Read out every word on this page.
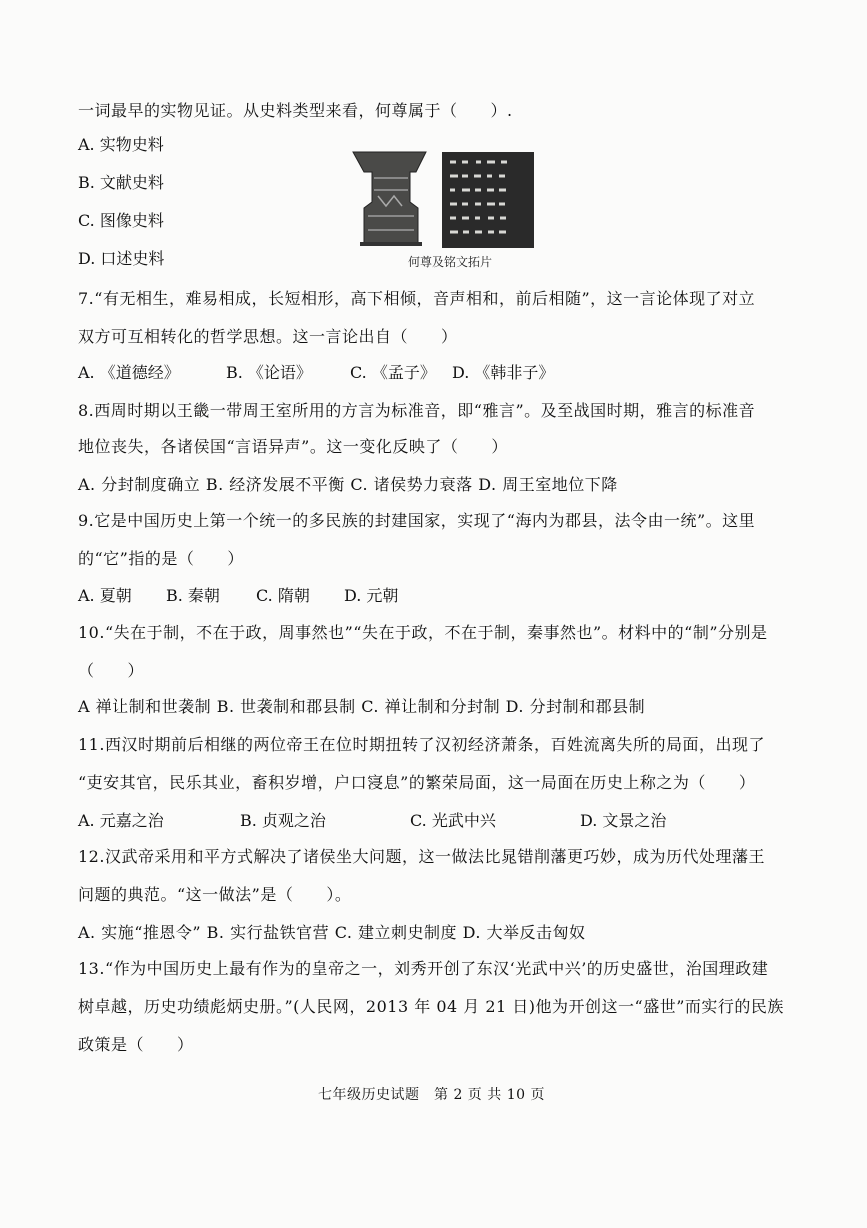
一词最早的实物见证。从史料类型来看，何尊属于（　　）.
A. 实物史料
B. 文献史料
C. 图像史料
D. 口述史料	何尊及铭文拓片
7.“有无相生，难易相成，长短相形，高下相倾，音声相和，前后相随”，这一言论体现了对立
双方可互相转化的哲学思想。这一言论出自（　　）
A. 《道德经》	B. 《论语》 C. 《孟子》 D. 《韩非子》
8.西周时期以王畿一带周王室所用的方言为标准音，即“雅言”。及至战国时期，雅言的标准音
地位丧失，各诸侯国“言语异声”。这一变化反映了（　　）
A. 分封制度确立 B. 经济发展不平衡 C. 诸侯势力衰落 D. 周王室地位下降
9.它是中国历史上第一个统一的多民族的封建国家，实现了“海内为郡县，法令由一统”。这里
的“它”指的是（　　）
A. 夏朝 B. 秦朝 C. 隋朝 D. 元朝
10.“失在于制，不在于政，周事然也”“失在于政，不在于制，秦事然也”。材料中的“制”分别是
（　　）
A 禅让制和世袭制 B. 世袭制和郡县制 C. 禅让制和分封制 D. 分封制和郡县制
11.西汉时期前后相继的两位帝王在位时期扭转了汉初经济萧条，百姓流离失所的局面，出现了
“吏安其官，民乐其业，畜积岁增，户口寖息”的繁荣局面，这一局面在历史上称之为（　　）
A. 元嘉之治	B. 贞观之治	C. 光武中兴	D. 文景之治
12.汉武帝采用和平方式解决了诸侯坐大问题，这一做法比晁错削藩更巧妙，成为历代处理藩王
问题的典范。“这一做法”是（　　）。
A. 实施“推恩令” B. 实行盐铁官营 C. 建立刺史制度 D. 大举反击匈奴
13.“作为中国历史上最有作为的皇帝之一，刘秀开创了东汉‘光武中兴’的历史盛世，治国理政建
树卓越，历史功绩彪炳史册。”(人民网，2013 年 04 月 21 日)他为开创这一“盛世”而实行的民族
政策是（　　）
七年级历史试题　第 2 页 共 10 页
